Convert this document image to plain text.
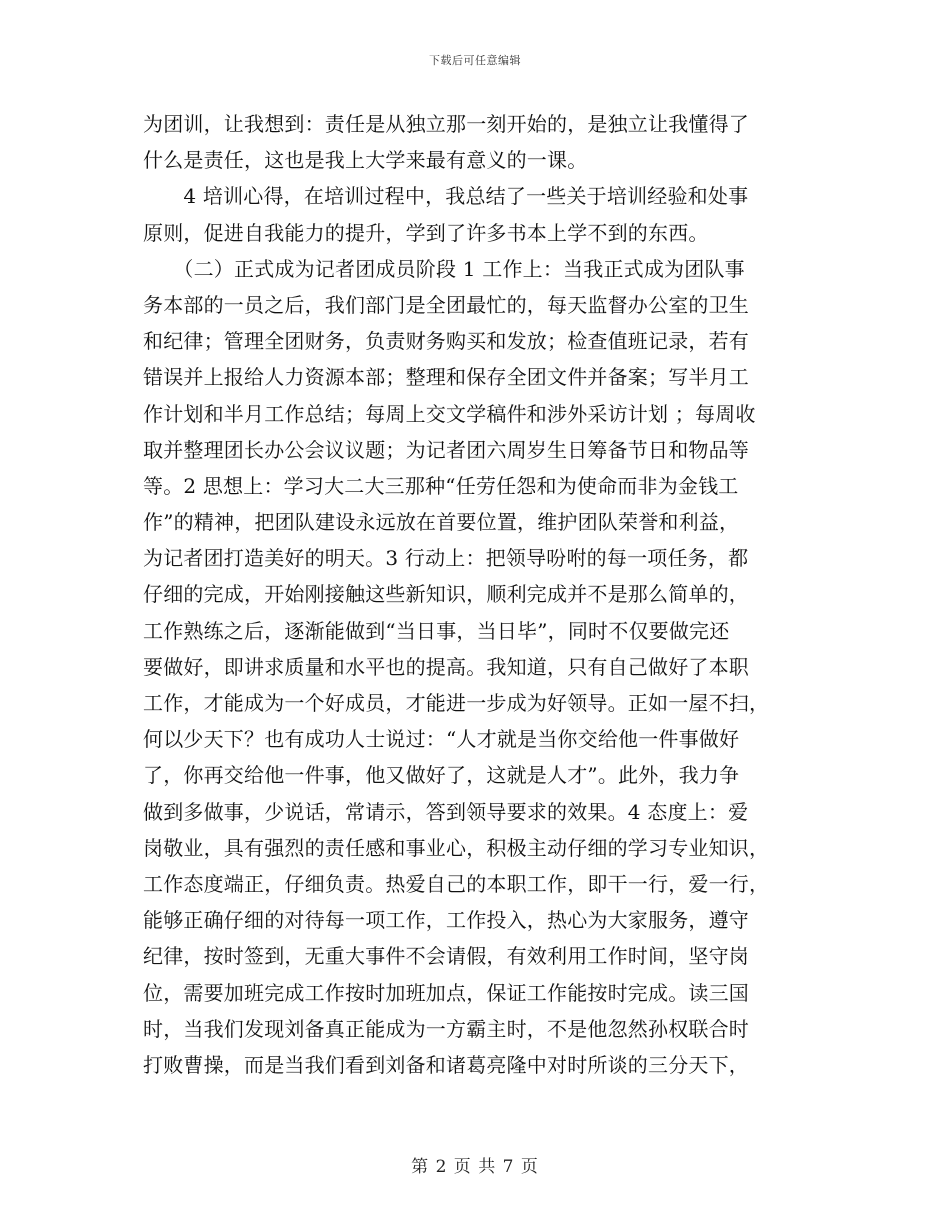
下载后可任意编辑
为团训，让我想到：责任是从独立那一刻开始的，是独立让我懂得了
什么是责任，这也是我上大学来最有意义的一课。
　　4 培训心得，在培训过程中，我总结了一些关于培训经验和处事
原则，促进自我能力的提升，学到了许多书本上学不到的东西。
　　（二）正式成为记者团成员阶段 1 工作上：当我正式成为团队事
务本部的一员之后，我们部门是全团最忙的，每天监督办公室的卫生
和纪律；管理全团财务，负责财务购买和发放；检查值班记录，若有
错误并上报给人力资源本部；整理和保存全团文件并备案；写半月工
作计划和半月工作总结；每周上交文学稿件和涉外采访计划 ；每周收
取并整理团长办公会议议题；为记者团六周岁生日筹备节日和物品等
等。2 思想上：学习大二大三那种“任劳任怨和为使命而非为金钱工
作”的精神，把团队建设永远放在首要位置，维护团队荣誉和利益，
为记者团打造美好的明天。3 行动上：把领导吩咐的每一项任务，都
仔细的完成，开始刚接触这些新知识，顺利完成并不是那么简单的，
工作熟练之后，逐渐能做到“当日事，当日毕”，同时不仅要做完还
要做好，即讲求质量和水平也的提高。我知道，只有自己做好了本职
工作，才能成为一个好成员，才能进一步成为好领导。正如一屋不扫，
何以少天下？也有成功人士说过：“人才就是当你交给他一件事做好
了，你再交给他一件事，他又做好了，这就是人才”。此外，我力争
做到多做事，少说话，常请示，答到领导要求的效果。4 态度上：爱
岗敬业，具有强烈的责任感和事业心，积极主动仔细的学习专业知识，
工作态度端正，仔细负责。热爱自己的本职工作，即干一行，爱一行，
能够正确仔细的对待每一项工作，工作投入，热心为大家服务，遵守
纪律，按时签到，无重大事件不会请假，有效利用工作时间，坚守岗
位，需要加班完成工作按时加班加点，保证工作能按时完成。读三国
时，当我们发现刘备真正能成为一方霸主时，不是他忽然孙权联合时
打败曹操，而是当我们看到刘备和诸葛亮隆中对时所谈的三分天下，
第 2 页 共 7 页
